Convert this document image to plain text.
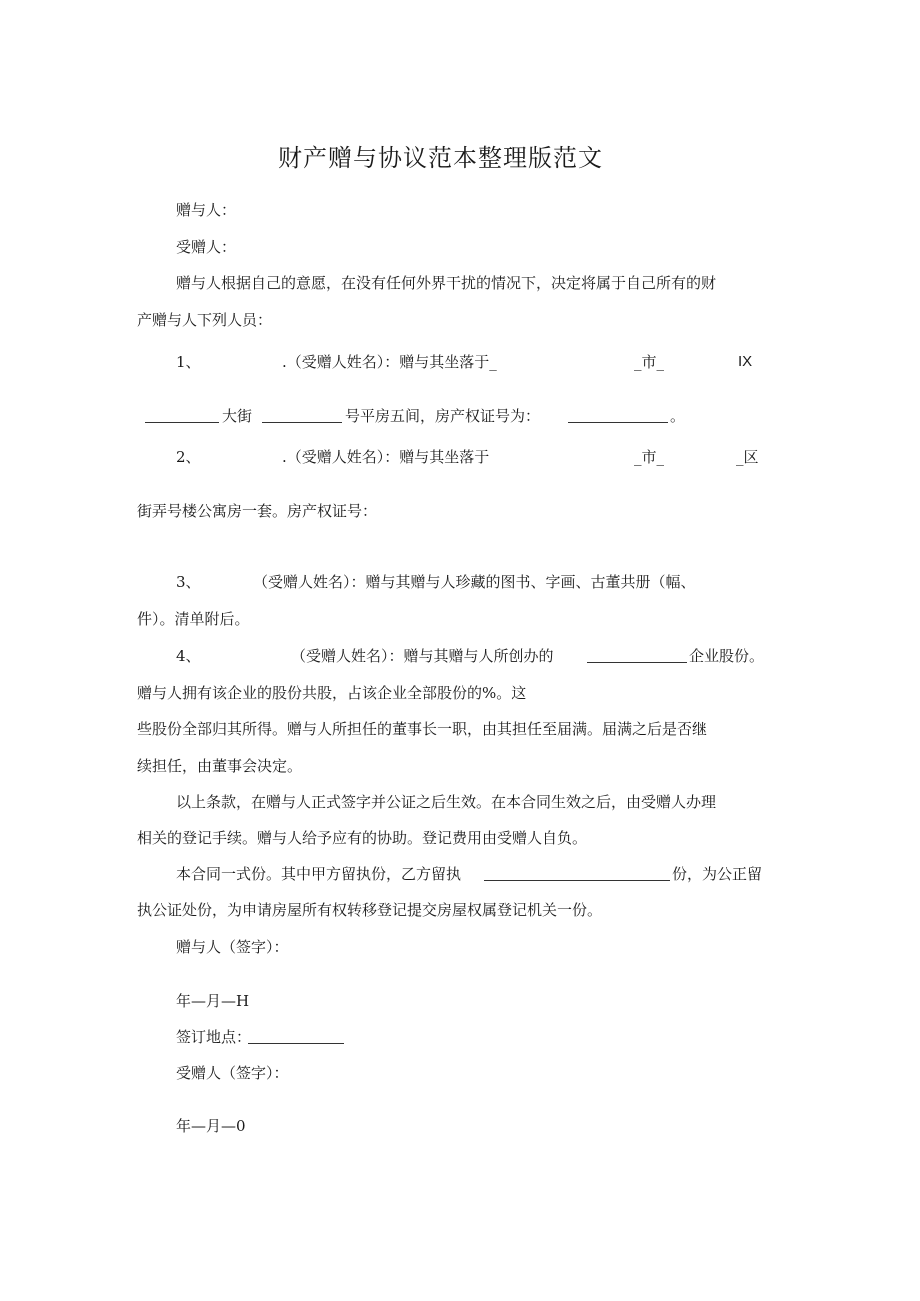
财产赠与协议范本整理版范文
赠与人：
受赠人：
赠与人根据自己的意愿，在没有任何外界干扰的情况下，决定将属于自己所有的财
产赠与人下列人员：
1、	.（受赠人姓名）：赠与其坐落于_	_市_	IX
大街	号平房五间，房产权证号为：	。
2、	.（受赠人姓名）：赠与其坐落于	_市_	_区
街弄号楼公寓房一套。房产权证号：
3、	（受赠人姓名）：赠与其赠与人珍藏的图书、字画、古董共册（幅、
件）。清单附后。
4、	（受赠人姓名）：赠与其赠与人所创办的	企业股份。
赠与人拥有该企业的股份共股，占该企业全部股份的%。这
些股份全部归其所得。赠与人所担任的董事长一职，由其担任至届满。届满之后是否继
续担任，由董事会决定。
以上条款，在赠与人正式签字并公证之后生效。在本合同生效之后，由受赠人办理
相关的登记手续。赠与人给予应有的协助。登记费用由受赠人自负。
本合同一式份。其中甲方留执份，乙方留执	份，为公正留
执公证处份，为申请房屋所有权转移登记提交房屋权属登记机关一份。
赠与人（签字）：
年—月—H
签订地点：
受赠人（签字）：
年—月—0
